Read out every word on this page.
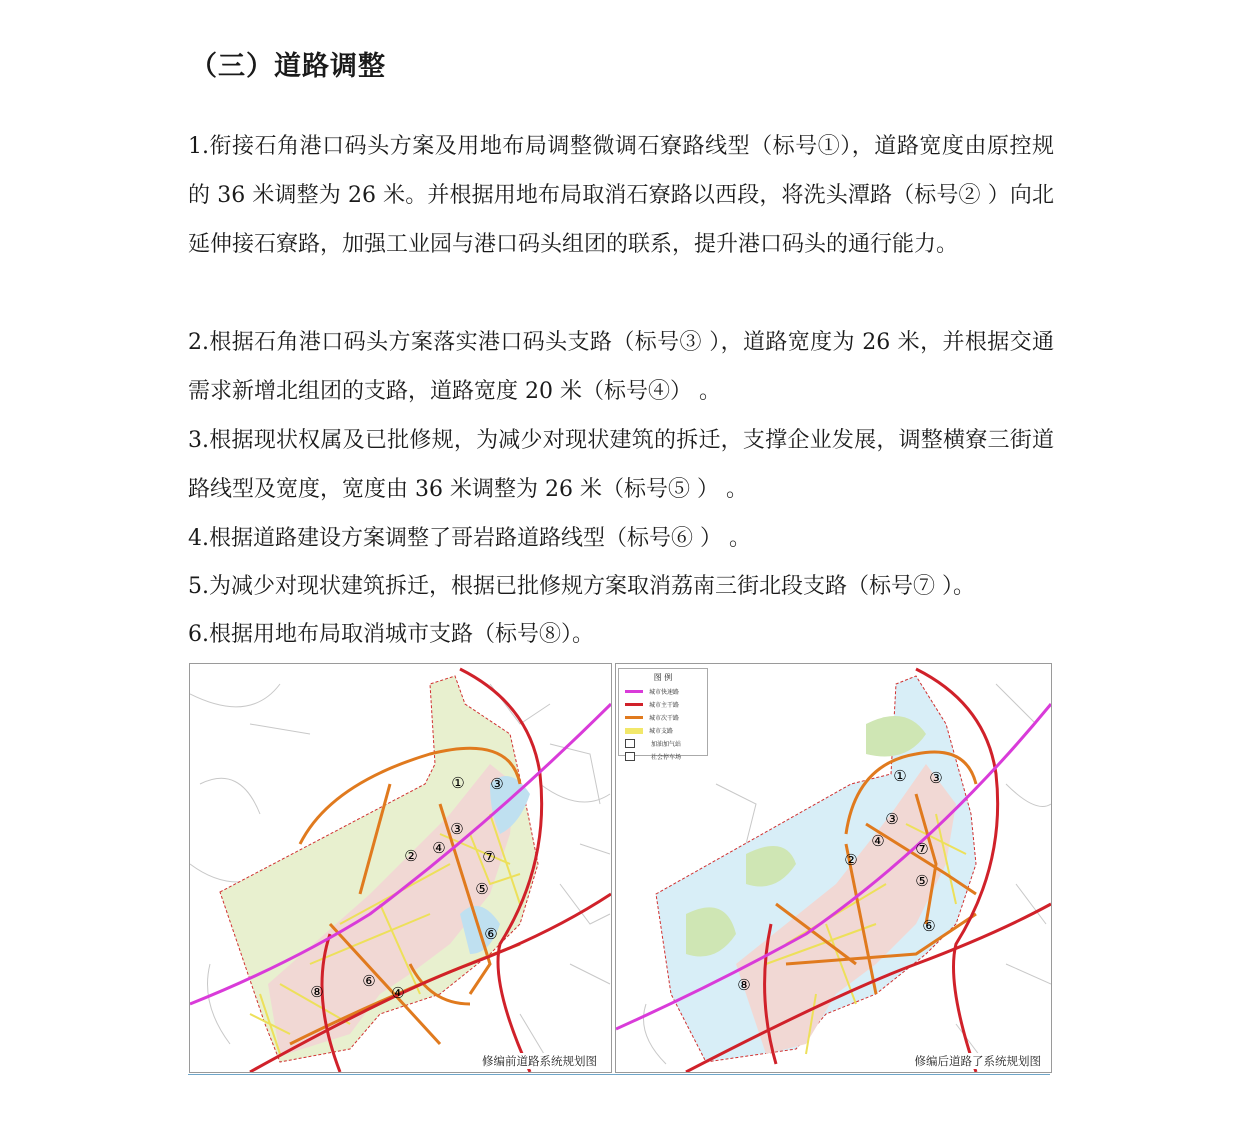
（三）道路调整
1.衔接石角港口码头方案及用地布局调整微调石寮路线型（标号①），道路宽度由原控规的 36 米调整为 26 米。并根据用地布局取消石寮路以西段，将洗头潭路（标号② ）向北延伸接石寮路，加强工业园与港口码头组团的联系，提升港口码头的通行能力。
2.根据石角港口码头方案落实港口码头支路（标号③ ），道路宽度为 26 米，并根据交通需求新增北组团的支路，道路宽度 20 米（标号④） 。
3.根据现状权属及已批修规，为减少对现状建筑的拆迁，支撑企业发展，调整横寮三街道路线型及宽度，宽度由 36 米调整为 26 米（标号⑤ ） 。
4.根据道路建设方案调整了哥岩路道路线型（标号⑥ ） 。
5.为减少对现状建筑拆迁，根据已批修规方案取消荔南三街北段支路（标号⑦ ）。
6.根据用地布局取消城市支路（标号⑧）。
①
②
③
③
④
④
⑤
⑥
⑥
⑦
⑧
修编前道路系统规划图
①
②
③
③
④
⑤
⑥
⑦
⑧
图 例
城市快速路
城市主干路
城市次干路
城市支路
加油加气站
社会停车场
修编后道路了系统规划图
